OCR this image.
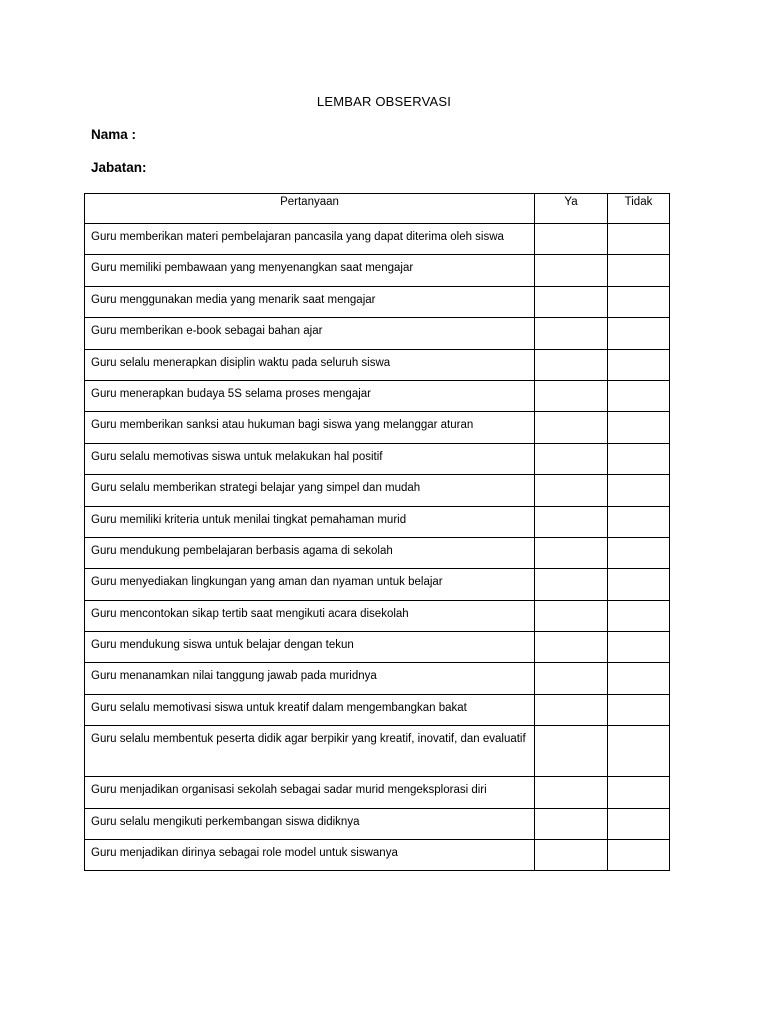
LEMBAR OBSERVASI
Nama :
Jabatan:
Pertanyaan	Ya	Tidak
Guru memberikan materi pembelajaran pancasila yang dapat diterima oleh siswa		
Guru memiliki pembawaan yang menyenangkan saat mengajar		
Guru menggunakan media yang menarik saat mengajar		
Guru memberikan e-book sebagai bahan ajar		
Guru selalu menerapkan disiplin waktu pada seluruh siswa		
Guru menerapkan budaya 5S selama proses mengajar		
Guru memberikan sanksi atau hukuman bagi siswa yang melanggar aturan		
Guru selalu memotivas siswa untuk melakukan hal positif		
Guru selalu memberikan strategi belajar yang simpel dan mudah		
Guru memiliki kriteria untuk menilai tingkat pemahaman murid		
Guru mendukung pembelajaran berbasis agama di sekolah		
Guru menyediakan lingkungan yang aman dan nyaman untuk belajar		
Guru mencontokan sikap tertib saat mengikuti acara disekolah		
Guru mendukung siswa untuk belajar dengan tekun		
Guru menanamkan nilai tanggung jawab pada muridnya		
Guru selalu memotivasi siswa untuk kreatif dalam mengembangkan bakat		
Guru selalu membentuk peserta didik agar berpikir yang kreatif, inovatif, dan evaluatif		
Guru menjadikan organisasi sekolah sebagai sadar murid mengeksplorasi diri		
Guru selalu mengikuti perkembangan siswa didiknya		
Guru menjadikan dirinya sebagai role model untuk siswanya		
